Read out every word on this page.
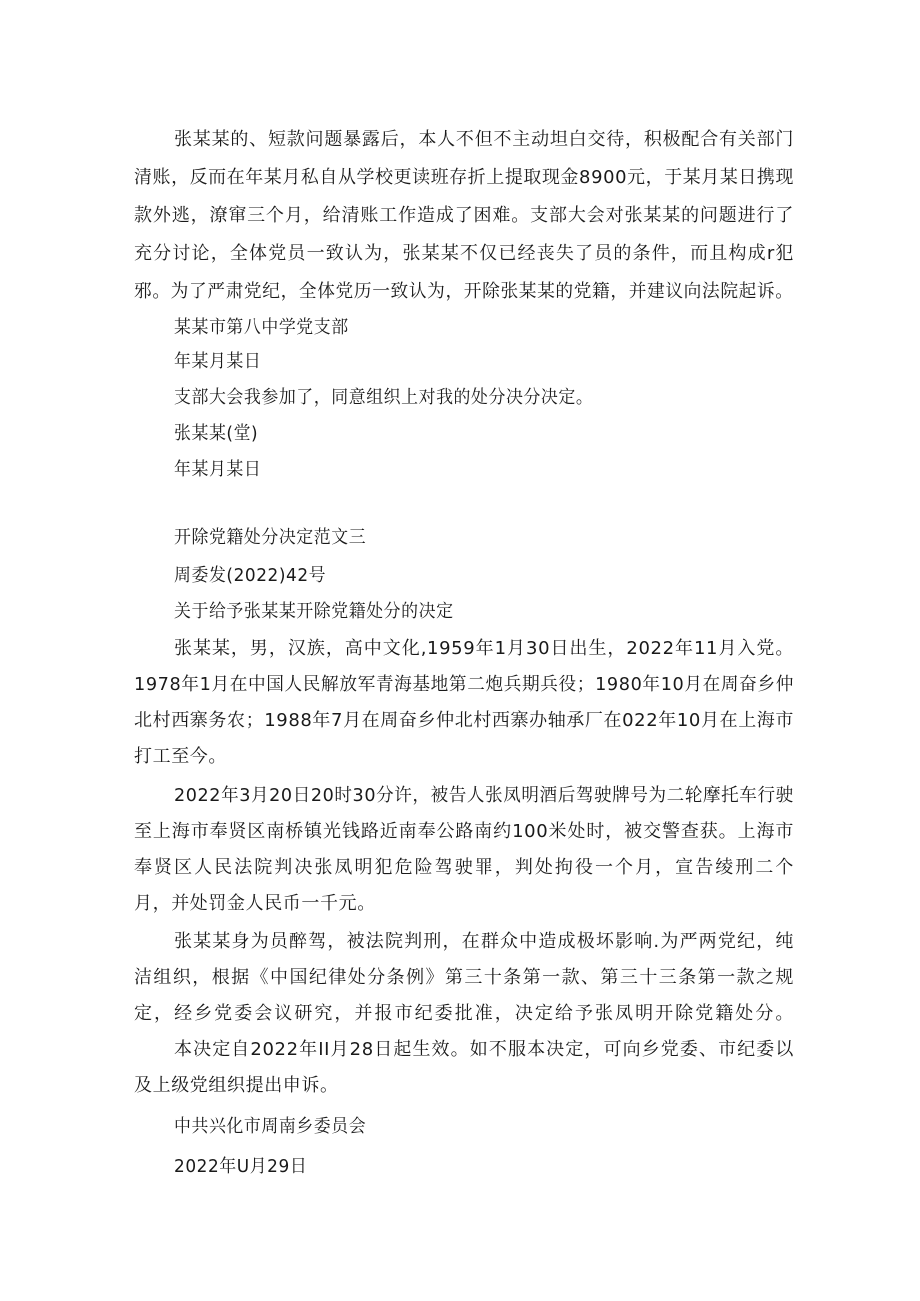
张某某的、短款问题暴露后，本人不但不主动坦白交待，积极配合有关部门
清账，反而在年某月私自从学校更读班存折上提取现金8900元，于某月某日携现
款外逃，潦窜三个月，给清账工作造成了困难。支部大会对张某某的问题进行了
充分讨论，全体党员一致认为，张某某不仅已经丧失了员的条件，而且构成r犯
邪。为了严肃党纪，全体党历一致认为，开除张某某的党籍，并建议向法院起诉。
某某市第八中学党支部
年某月某日
支部大会我参加了，同意组织上对我的处分决分决定。
张某某(堂)
年某月某日
开除党籍处分决定范文三
周委发(2022)42号
关于给予张某某开除党籍处分的决定
张某某，男，汉族，高中文化,1959年1月30日出生，2022年11月入党。
1978年1月在中国人民解放军青海基地第二炮兵期兵役；1980年10月在周奋乡仲
北村西寨务农；1988年7月在周奋乡仲北村西寨办轴承厂在022年10月在上海市
打工至今。
2022年3月20日20时30分许，被告人张凤明酒后驾驶牌号为二轮摩托车行驶
至上海市奉贤区南桥镇光钱路近南奉公路南约100米处时，被交警查获。上海市
奉贤区人民法院判决张凤明犯危险驾驶罪，判处拘役一个月，宣告绫刑二个
月，并处罚金人民币一千元。
张某某身为员醉驾，被法院判刑，在群众中造成极坏影响.为严两党纪，纯
洁组织，根据《中国纪律处分条例》第三十条第一款、第三十三条第一款之规
定，经乡党委会议研究，并报市纪委批准，决定给予张凤明开除党籍处分。
本决定自2022年II月28日起生效。如不服本决定，可向乡党委、市纪委以
及上级党组织提出申诉。
中共兴化市周南乡委员会
2022年U月29日
